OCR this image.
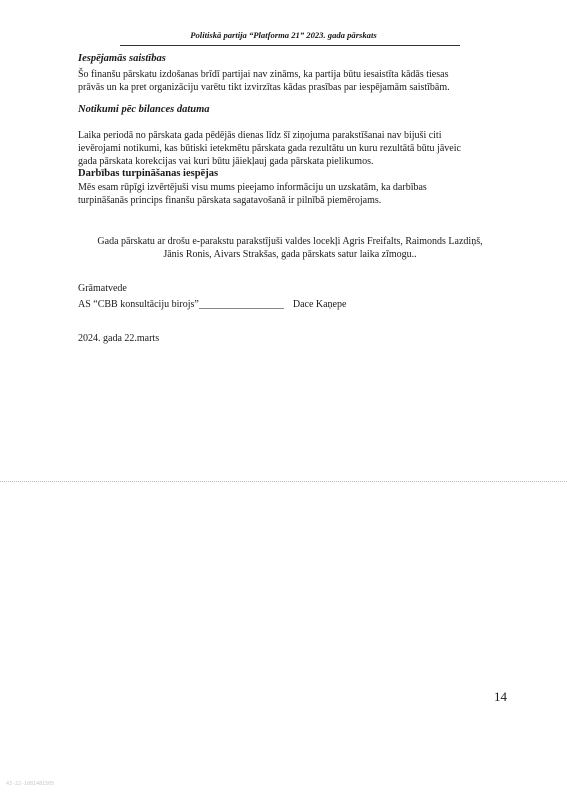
Politiskā partija “Platforma 21” 2023. gada pārskats
Iespējamās saistības
Šo finanšu pārskatu izdošanas brīdī partijai nav zināms, ka partija būtu iesaistīta kādās tiesas
prāvās un ka pret organizāciju varētu tikt izvirzītas kādas prasības par iespējamām saistībām.
Notikumi pēc bilances datuma
Laika periodā no pārskata gada pēdējās dienas līdz šī ziņojuma parakstīšanai nav bijuši citi
ievērojami notikumi, kas būtiski ietekmētu pārskata gada rezultātu un kuru rezultātā būtu jāveic
gada pārskata korekcijas vai kuri būtu jāiekļauj gada pārskata pielikumos.
Darbības turpināšanas iespējas
Mēs esam rūpīgi izvērtējuši visu mums pieejamo informāciju un uzskatām, ka darbības
turpināšanās princips finanšu pārskata sagatavošanā ir pilnībā piemērojams.
Gada pārskatu ar drošu e-parakstu parakstījuši valdes locekļi Agris Freifalts, Raimonds Lazdiņš,
Jānis Ronis, Aivars Strakšas, gada pārskats satur laika zīmogu..
Grāmatvede
AS “CBB konsultāciju birojs”_________________ Dace Kaņepe
2024. gada 22.marts
14
43-22-1081481505
